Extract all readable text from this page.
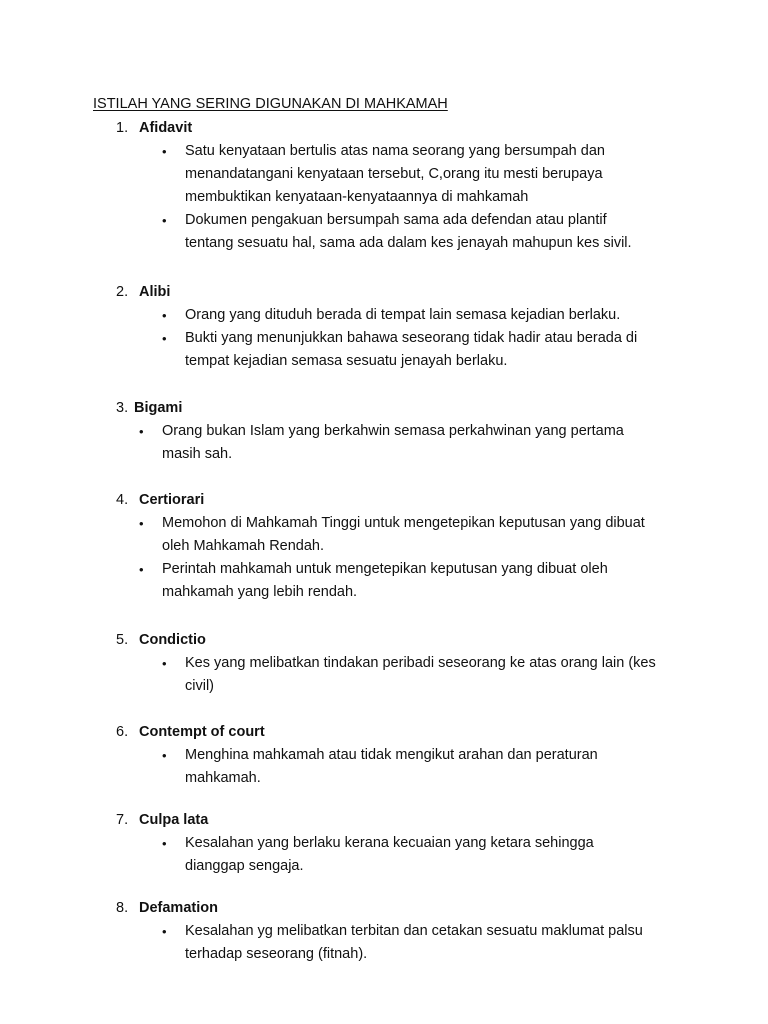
ISTILAH YANG SERING DIGUNAKAN DI MAHKAMAH
1. Afidavit
• Satu kenyataan bertulis atas nama seorang yang bersumpah dan menandatangani kenyataan tersebut, C,orang itu mesti berupaya membuktikan kenyataan-kenyataannya di mahkamah
• Dokumen pengakuan bersumpah sama ada defendan atau plantif tentang sesuatu hal, sama ada dalam kes jenayah mahupun kes sivil.
2. Alibi
• Orang yang dituduh berada di tempat lain semasa kejadian berlaku.
• Bukti yang menunjukkan bahawa seseorang tidak hadir atau berada di tempat kejadian semasa sesuatu jenayah berlaku.
3. Bigami
• Orang bukan Islam yang berkahwin semasa perkahwinan yang pertama masih sah.
4. Certiorari
• Memohon di Mahkamah Tinggi untuk mengetepikan keputusan yang dibuat oleh Mahkamah Rendah.
• Perintah mahkamah untuk mengetepikan keputusan yang dibuat oleh mahkamah yang lebih rendah.
5. Condictio
• Kes yang melibatkan tindakan peribadi seseorang ke atas orang lain (kes civil)
6. Contempt of court
• Menghina mahkamah atau tidak mengikut arahan dan peraturan mahkamah.
7. Culpa lata
• Kesalahan yang berlaku kerana kecuaian yang ketara sehingga dianggap sengaja.
8. Defamation
• Kesalahan yg melibatkan terbitan dan cetakan sesuatu maklumat palsu terhadap seseorang (fitnah).
